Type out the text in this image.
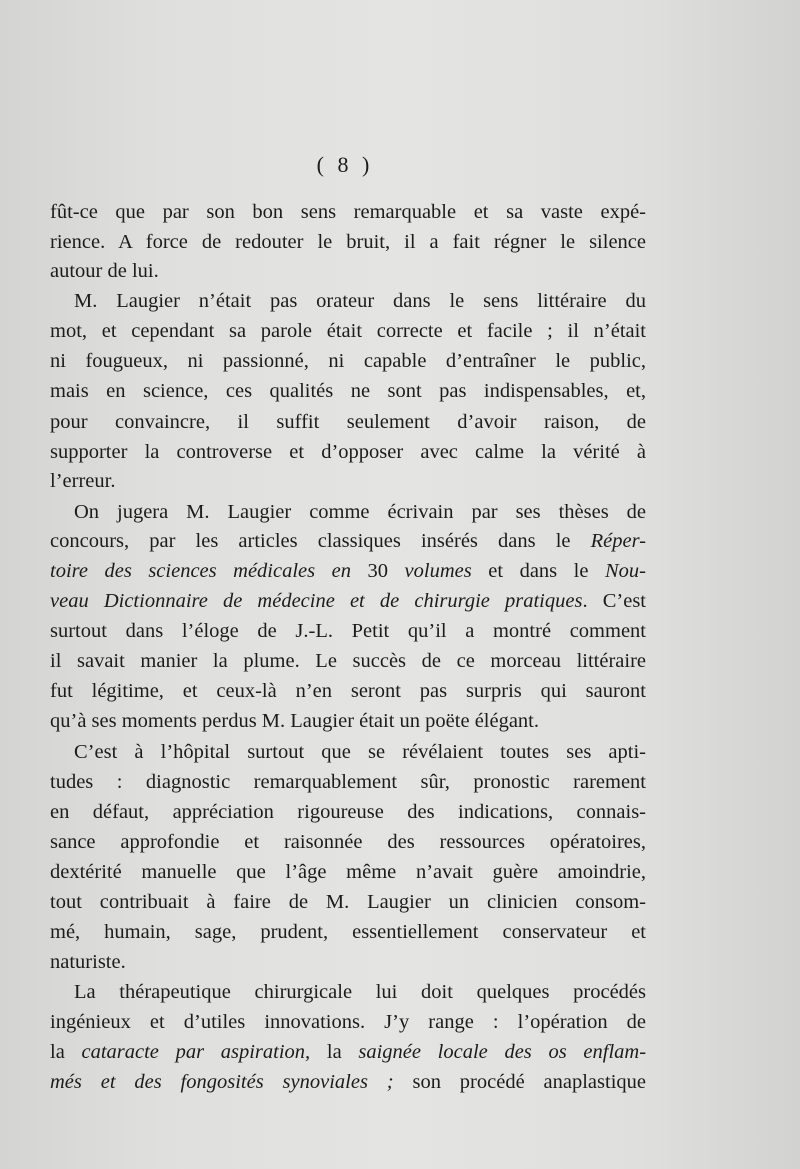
( 8 )
fût-ce que par son bon sens remarquable et sa vaste expé-
rience. A force de redouter le bruit, il a fait régner le silence
autour de lui.
M. Laugier n’était pas orateur dans le sens littéraire du
mot, et cependant sa parole était correcte et facile ; il n’était
ni fougueux, ni passionné, ni capable d’entraîner le public,
mais en science, ces qualités ne sont pas indispensables, et,
pour convaincre, il suffit seulement d’avoir raison, de
supporter la controverse et d’opposer avec calme la vérité à
l’erreur.
On jugera M. Laugier comme écrivain par ses thèses de
concours, par les articles classiques insérés dans le Réper-
toire des sciences médicales en 30 volumes et dans le Nou-
veau Dictionnaire de médecine et de chirurgie pratiques. C’est
surtout dans l’éloge de J.-L. Petit qu’il a montré comment
il savait manier la plume. Le succès de ce morceau littéraire
fut légitime, et ceux-là n’en seront pas surpris qui sauront
qu’à ses moments perdus M. Laugier était un poëte élégant.
C’est à l’hôpital surtout que se révélaient toutes ses apti-
tudes : diagnostic remarquablement sûr, pronostic rarement
en défaut, appréciation rigoureuse des indications, connais-
sance approfondie et raisonnée des ressources opératoires,
dextérité manuelle que l’âge même n’avait guère amoindrie,
tout contribuait à faire de M. Laugier un clinicien consom-
mé, humain, sage, prudent, essentiellement conservateur et
naturiste.
La thérapeutique chirurgicale lui doit quelques procédés
ingénieux et d’utiles innovations. J’y range : l’opération de
la cataracte par aspiration, la saignée locale des os enflam-
més et des fongosités synoviales ; son procédé anaplastique
